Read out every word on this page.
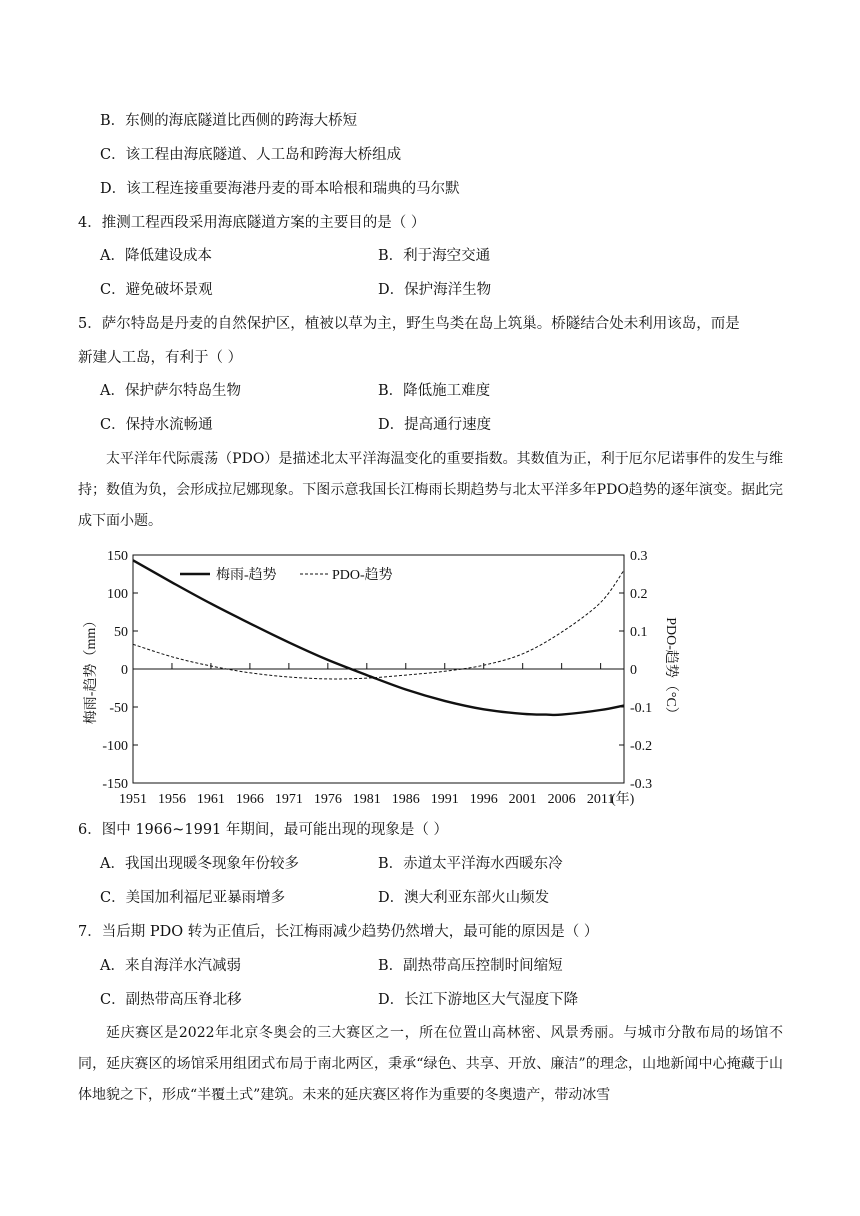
B．东侧的海底隧道比西侧的跨海大桥短
C．该工程由海底隧道、人工岛和跨海大桥组成
D．该工程连接重要海港丹麦的哥本哈根和瑞典的马尔默
4．推测工程西段采用海底隧道方案的主要目的是（ ）
A．降低建设成本	B．利于海空交通
C．避免破坏景观	D．保护海洋生物
5．萨尔特岛是丹麦的自然保护区，植被以草为主，野生鸟类在岛上筑巢。桥隧结合处未利用该岛，而是
新建人工岛，有利于（ ）
A．保护萨尔特岛生物	B．降低施工难度
C．保持水流畅通	D．提高通行速度
太平洋年代际震荡（PDO）是描述北太平洋海温变化的重要指数。其数值为正，利于厄尔尼诺事件的发生与维持；数值为负，会形成拉尼娜现象。下图示意我国长江梅雨长期趋势与北太平洋多年PDO趋势的逐年演变。据此完成下面小题。
1951 1956 1961 1966 1971 1976 1981 1986 1991 1996 2001 2006 2011
150
100
50
0
-50
-100
-150
0.3
0.2
0.1
0
-0.1
-0.2
-0.3
梅雨-趋势	PDO-趋势
梅雨-趋势（mm）	PDO-趋势（°C）
(年)
6．图中 1966~1991 年期间，最可能出现的现象是（ ）
A．我国出现暖冬现象年份较多	B．赤道太平洋海水西暖东冷
C．美国加利福尼亚暴雨增多	D．澳大利亚东部火山频发
7．当后期 PDO 转为正值后，长江梅雨减少趋势仍然增大，最可能的原因是（ ）
A．来自海洋水汽减弱	B．副热带高压控制时间缩短
C．副热带高压脊北移	D．长江下游地区大气湿度下降
延庆赛区是2022年北京冬奥会的三大赛区之一，所在位置山高林密、风景秀丽。与城市分散布局的场馆不同，延庆赛区的场馆采用组团式布局于南北两区，秉承“绿色、共享、开放、廉洁”的理念，山地新闻中心掩藏于山体地貌之下，形成“半覆土式”建筑。未来的延庆赛区将作为重要的冬奥遗产，带动冰雪
